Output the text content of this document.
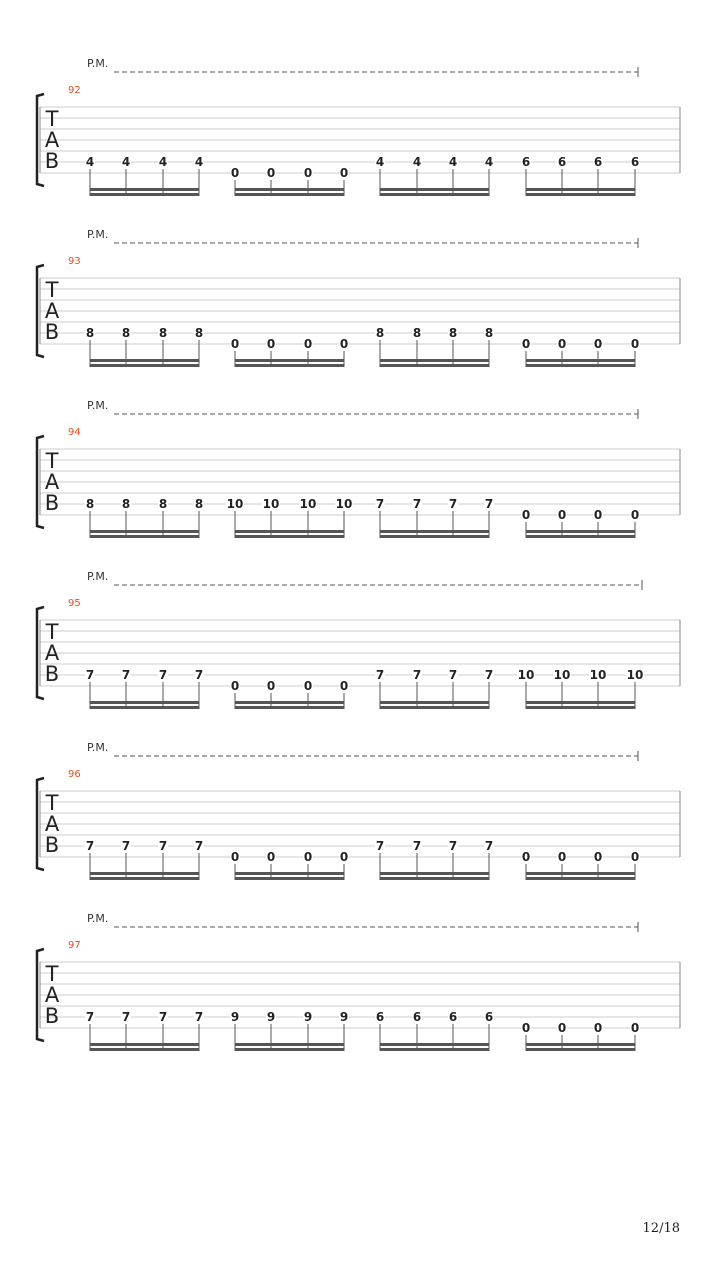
P.M.
92
T
A
B 4 4 4 4
0 0 0 0
4 4 4 4 6 6 6 6
P.M.
93
T
A
B 8 8 8 8
0 0 0 0
8 8 8 8
0 0 0 0
P.M.
94
T
A
B 8 8 8 8 10 10 10 10 7 7 7 7
0 0 0 0
P.M.
95
T
A
B 7 7 7 7
0 0 0 0
7 7 7 7 10 10 10 10
P.M.
96
T
A
B 7 7 7 7
0 0 0 0
7 7 7 7
0 0 0 0
P.M.
97
T
A
B 7 7 7 7 9 9 9 9 6 6 6 6
0 0 0 0
12/18
